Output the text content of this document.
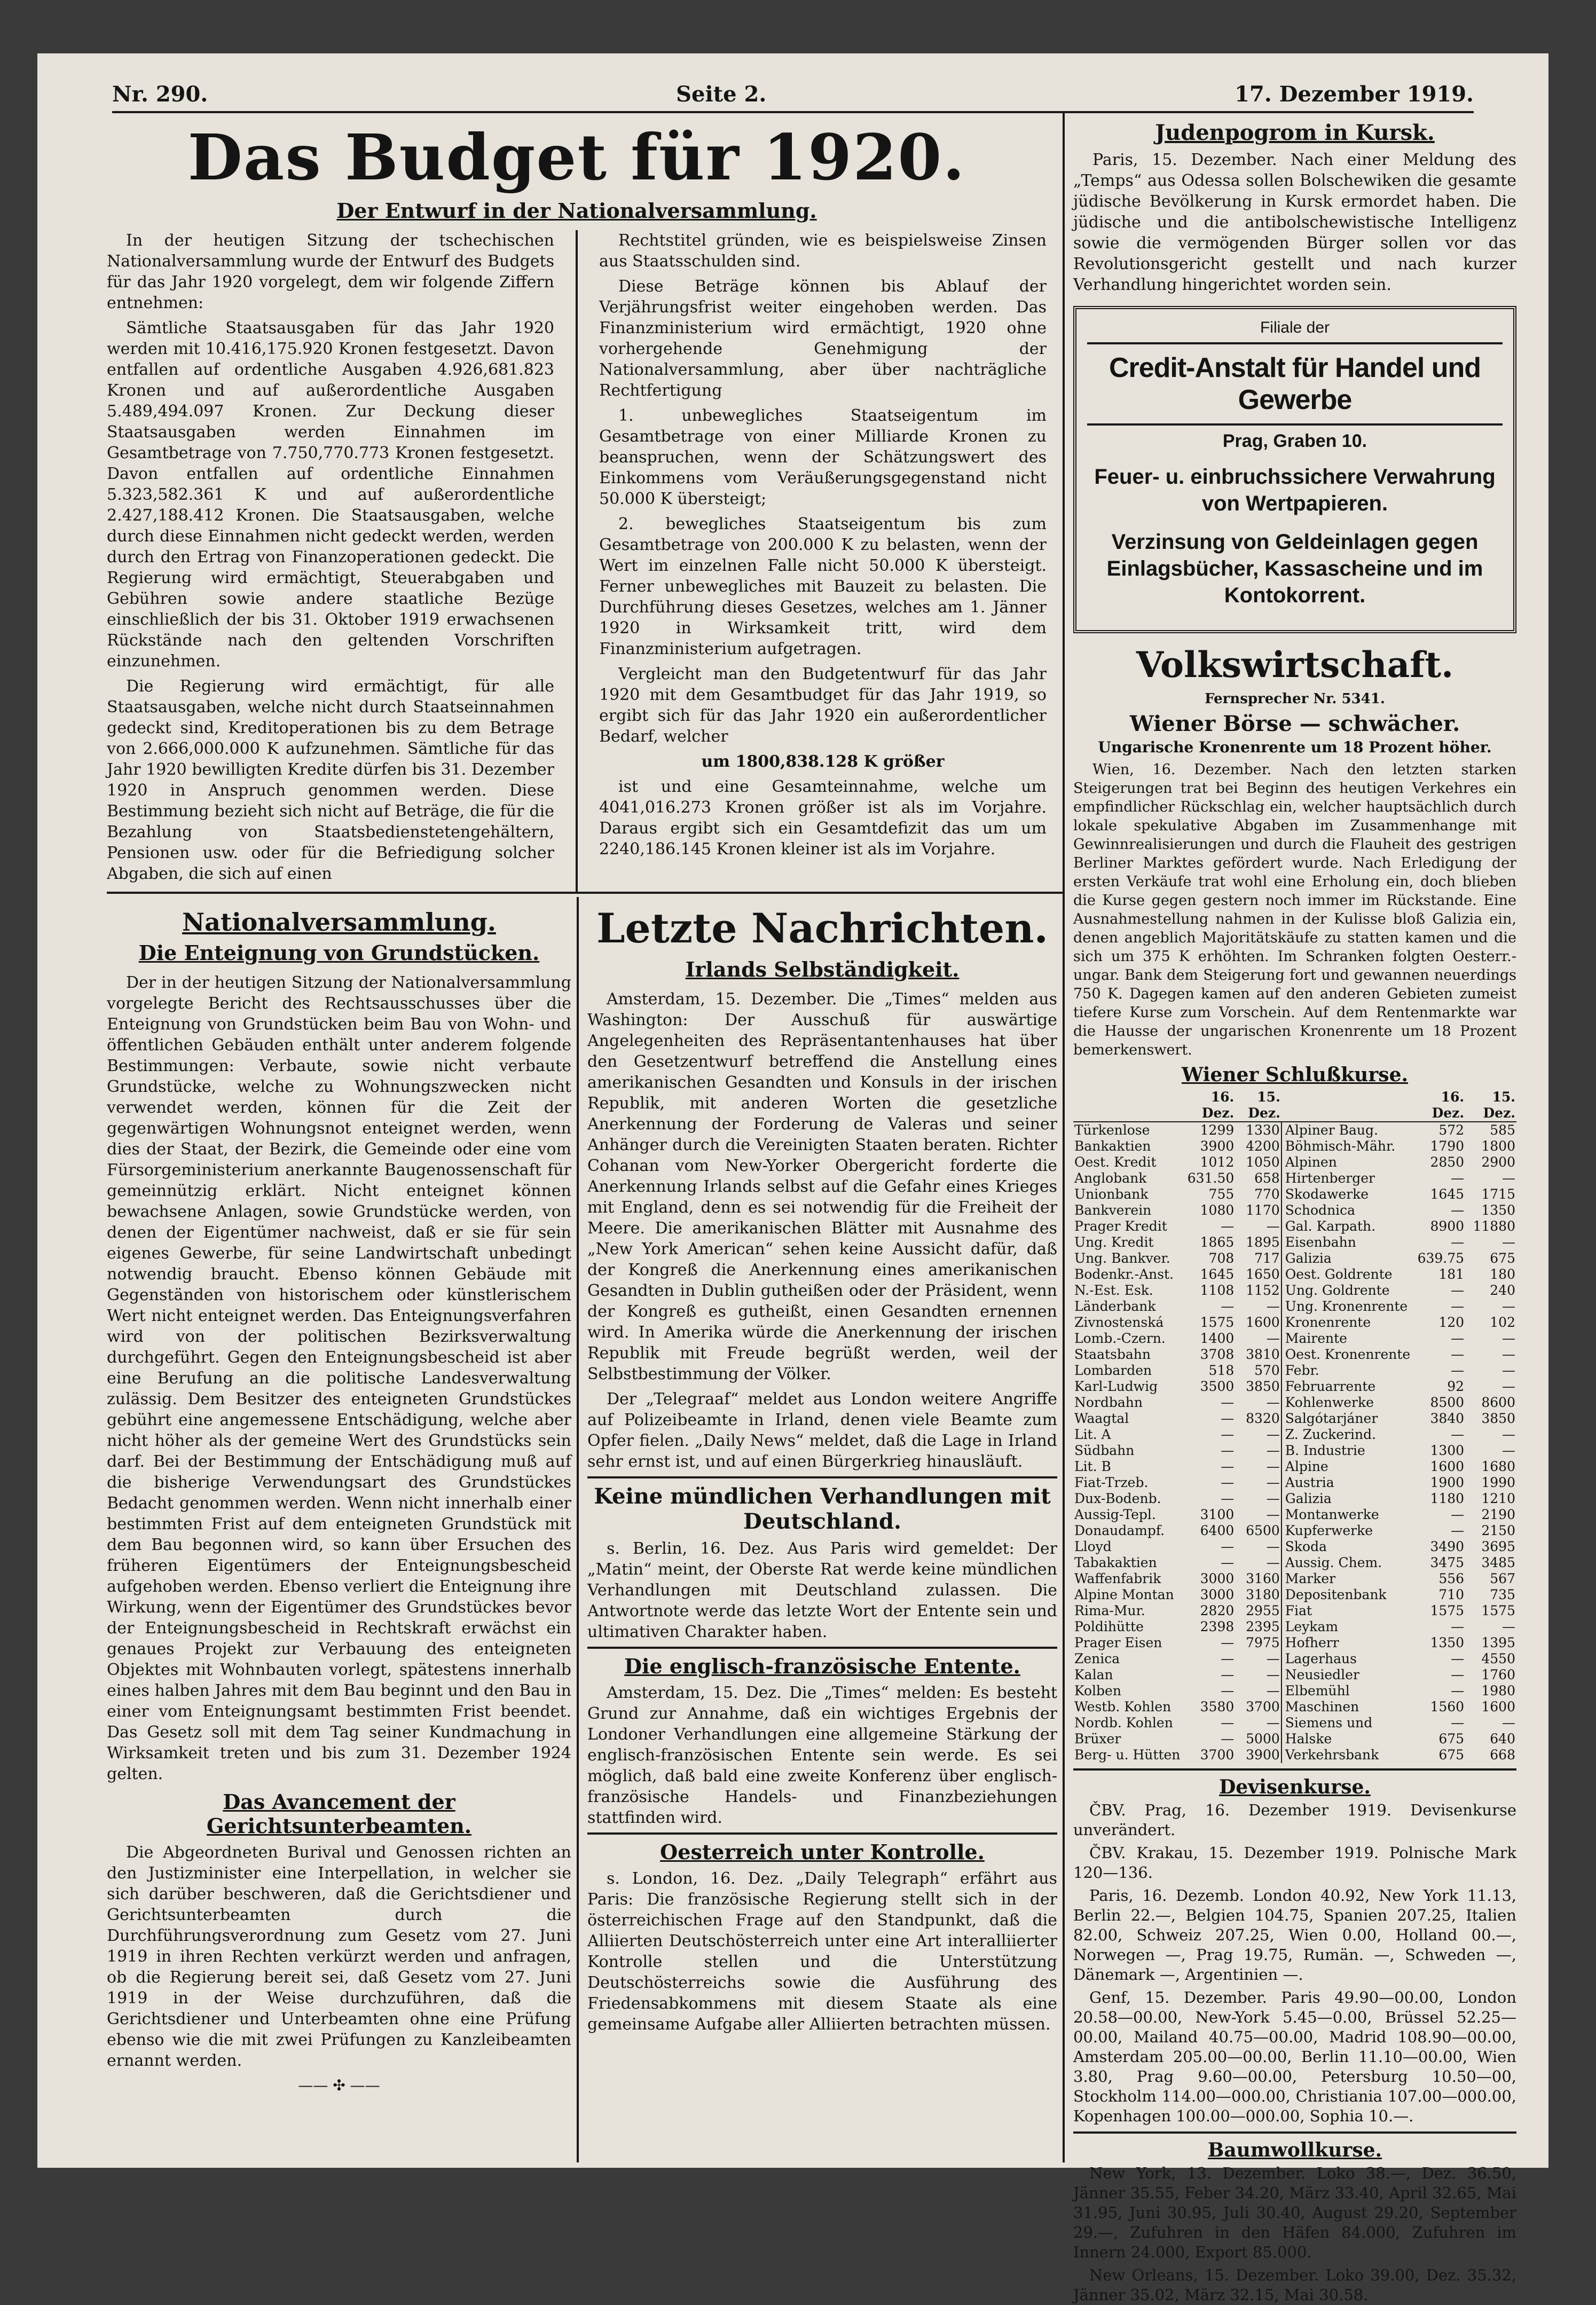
Nr. 290.	Seite 2.	17. Dezember 1919.
Das Budget für 1920.
Der Entwurf in der Nationalversammlung.

In der heutigen Sitzung der tschechischen Nationalversammlung wurde der Entwurf des Budgets für das Jahr 1920 vorgelegt, dem wir folgende Ziffern entnehmen:

Sämtliche Staatsausgaben für das Jahr 1920 werden mit 10.416,175.920 Kronen festgesetzt. Davon entfallen auf ordentliche Ausgaben 4.926,681.823 Kronen und auf außerordentliche Ausgaben 5.489,494.097 Kronen. Zur Deckung dieser Staatsausgaben werden Einnahmen im Gesamtbetrage von 7.750,770.773 Kronen festgesetzt. Davon entfallen auf ordentliche Einnahmen 5.323,582.361 K und auf außerordentliche 2.427,188.412 Kronen. Die Staatsausgaben, welche durch diese Einnahmen nicht gedeckt werden, werden durch den Ertrag von Finanzoperationen gedeckt. Die Regierung wird ermächtigt, Steuerabgaben und Gebühren sowie andere staatliche Bezüge einschließlich der bis 31. Oktober 1919 erwachsenen Rückstände nach den geltenden Vorschriften einzunehmen.

Die Regierung wird ermächtigt, für alle Staatsausgaben, welche nicht durch Staatseinnahmen gedeckt sind, Kreditoperationen bis zu dem Betrage von 2.666,000.000 K aufzunehmen. Sämtliche für das Jahr 1920 bewilligten Kredite dürfen bis 31. Dezember 1920 in Anspruch genommen werden. Diese Bestimmung bezieht sich nicht auf Beträge, die für die Bezahlung von Staatsbedienstetengehältern, Pensionen usw. oder für die Befriedigung solcher Abgaben, die sich auf einen

Rechtstitel gründen, wie es beispielsweise Zinsen aus Staatsschulden sind.

Diese Beträge können bis Ablauf der Verjährungsfrist weiter eingehoben werden. Das Finanzministerium wird ermächtigt, 1920 ohne vorhergehende Genehmigung der Nationalversammlung, aber über nachträgliche Rechtfertigung

1. unbewegliches Staatseigentum im Gesamtbetrage von einer Milliarde Kronen zu beanspruchen, wenn der Schätzungswert des Einkommens vom Veräußerungsgegenstand nicht 50.000 K übersteigt;

2. bewegliches Staatseigentum bis zum Gesamtbetrage von 200.000 K zu belasten, wenn der Wert im einzelnen Falle nicht 50.000 K übersteigt. Ferner unbewegliches mit Bauzeit zu belasten. Die Durchführung dieses Gesetzes, welches am 1. Jänner 1920 in Wirksamkeit tritt, wird dem Finanzministerium aufgetragen.

Vergleicht man den Budgetentwurf für das Jahr 1920 mit dem Gesamtbudget für das Jahr 1919, so ergibt sich für das Jahr 1920 ein außerordentlicher Bedarf, welcher

um 1800,838.128 K größer

ist und eine Gesamteinnahme, welche um 4041,016.273 Kronen größer ist als im Vorjahre. Daraus ergibt sich ein Gesamtdefizit das um um 2240,186.145 Kronen kleiner ist als im Vorjahre.

Nationalversammlung.
Die Enteignung von Grundstücken.

Der in der heutigen Sitzung der Nationalversammlung vorgelegte Bericht des Rechtsausschusses über die Enteignung von Grundstücken beim Bau von Wohn- und öffentlichen Gebäuden enthält unter anderem folgende Bestimmungen: Verbaute, sowie nicht verbaute Grundstücke, welche zu Wohnungszwecken nicht verwendet werden, können für die Zeit der gegenwärtigen Wohnungsnot enteignet werden, wenn dies der Staat, der Bezirk, die Gemeinde oder eine vom Fürsorgeministerium anerkannte Baugenossenschaft für gemeinnützig erklärt. Nicht enteignet können bewachsene Anlagen, sowie Grundstücke werden, von denen der Eigentümer nachweist, daß er sie für sein eigenes Gewerbe, für seine Landwirtschaft unbedingt notwendig braucht. Ebenso können Gebäude mit Gegenständen von historischem oder künstlerischem Wert nicht enteignet werden. Das Enteignungsverfahren wird von der politischen Bezirksverwaltung durchgeführt. Gegen den Enteignungsbescheid ist aber eine Berufung an die politische Landesverwaltung zulässig. Dem Besitzer des enteigneten Grundstückes gebührt eine angemessene Entschädigung, welche aber nicht höher als der gemeine Wert des Grundstücks sein darf. Bei der Bestimmung der Entschädigung muß auf die bisherige Verwendungsart des Grundstückes Bedacht genommen werden. Wenn nicht innerhalb einer bestimmten Frist auf dem enteigneten Grundstück mit dem Bau begonnen wird, so kann über Ersuchen des früheren Eigentümers der Enteignungsbescheid aufgehoben werden. Ebenso verliert die Enteignung ihre Wirkung, wenn der Eigentümer des Grundstückes bevor der Enteignungsbescheid in Rechtskraft erwächst ein genaues Projekt zur Verbauung des enteigneten Objektes mit Wohnbauten vorlegt, spätestens innerhalb eines halben Jahres mit dem Bau beginnt und den Bau in einer vom Enteignungsamt bestimmten Frist beendet. Das Gesetz soll mit dem Tag seiner Kundmachung in Wirksamkeit treten und bis zum 31. Dezember 1924 gelten.

Das Avancement der Gerichtsunterbeamten.

Die Abgeordneten Burival und Genossen richten an den Justizminister eine Interpellation, in welcher sie sich darüber beschweren, daß die Gerichtsdiener und Gerichtsunterbeamten durch die Durchführungsverordnung zum Gesetz vom 27. Juni 1919 in ihren Rechten verkürzt werden und anfragen, ob die Regierung bereit sei, daß Gesetz vom 27. Juni 1919 in der Weise durchzuführen, daß die Gerichtsdiener und Unterbeamten ohne eine Prüfung ebenso wie die mit zwei Prüfungen zu Kanzleibeamten ernannt werden.

—— ✣ ——
Letzte Nachrichten.
Irlands Selbständigkeit.

Amsterdam, 15. Dezember. Die „Times“ melden aus Washington: Der Ausschuß für auswärtige Angelegenheiten des Repräsentantenhauses hat über den Gesetzentwurf betreffend die Anstellung eines amerikanischen Gesandten und Konsuls in der irischen Republik, mit anderen Worten die gesetzliche Anerkennung der Forderung de Valeras und seiner Anhänger durch die Vereinigten Staaten beraten. Richter Cohanan vom New-Yorker Obergericht forderte die Anerkennung Irlands selbst auf die Gefahr eines Krieges mit England, denn es sei notwendig für die Freiheit der Meere. Die amerikanischen Blätter mit Ausnahme des „New York American“ sehen keine Aussicht dafür, daß der Kongreß die Anerkennung eines amerikanischen Gesandten in Dublin gutheißen oder der Präsident, wenn der Kongreß es gutheißt, einen Gesandten ernennen wird. In Amerika würde die Anerkennung der irischen Republik mit Freude begrüßt werden, weil der Selbstbestimmung der Völker.

Der „Telegraaf“ meldet aus London weitere Angriffe auf Polizeibeamte in Irland, denen viele Beamte zum Opfer fielen. „Daily News“ meldet, daß die Lage in Irland sehr ernst ist, und auf einen Bürgerkrieg hinausläuft.

Keine mündlichen Verhandlungen mit Deutschland.

s. Berlin, 16. Dez. Aus Paris wird gemeldet: Der „Matin“ meint, der Oberste Rat werde keine mündlichen Verhandlungen mit Deutschland zulassen. Die Antwortnote werde das letzte Wort der Entente sein und ultimativen Charakter haben.

Die englisch-französische Entente.

Amsterdam, 15. Dez. Die „Times“ melden: Es besteht Grund zur Annahme, daß ein wichtiges Ergebnis der Londoner Verhandlungen eine allgemeine Stärkung der englisch-französischen Entente sein werde. Es sei möglich, daß bald eine zweite Konferenz über englisch-französische Handels- und Finanzbeziehungen stattfinden wird.

Oesterreich unter Kontrolle.

s. London, 16. Dez. „Daily Telegraph“ erfährt aus Paris: Die französische Regierung stellt sich in der österreichischen Frage auf den Standpunkt, daß die Alliierten Deutschösterreich unter eine Art interalliierter Kontrolle stellen und die Unterstützung Deutschösterreichs sowie die Ausführung des Friedensabkommens mit diesem Staate als eine gemeinsame Aufgabe aller Alliierten betrachten müssen.

Judenpogrom in Kursk.

Paris, 15. Dezember. Nach einer Meldung des „Temps“ aus Odessa sollen Bolschewiken die gesamte jüdische Bevölkerung in Kursk ermordet haben. Die jüdische und die antibolschewistische Intelligenz sowie die vermögenden Bürger sollen vor das Revolutionsgericht gestellt und nach kurzer Verhandlung hingerichtet worden sein.

Filiale der
Credit-Anstalt für Handel und Gewerbe
Prag, Graben 10.
Feuer- u. einbruchssichere Verwahrung von Wertpapieren.
Verzinsung von Geldeinlagen gegen Einlagsbücher, Kassascheine und im Kontokorrent.
Volkswirtschaft.
Fernsprecher Nr. 5341.
Wiener Börse — schwächer.
Ungarische Kronenrente um 18 Prozent höher.

Wien, 16. Dezember. Nach den letzten starken Steigerungen trat bei Beginn des heutigen Verkehres ein empfindlicher Rückschlag ein, welcher hauptsächlich durch lokale spekulative Abgaben im Zusammenhange mit Gewinnrealisierungen und durch die Flauheit des gestrigen Berliner Marktes gefördert wurde. Nach Erledigung der ersten Verkäufe trat wohl eine Erholung ein, doch blieben die Kurse gegen gestern noch immer im Rückstande. Eine Ausnahmestellung nahmen in der Kulisse bloß Galizia ein, denen angeblich Majoritätskäufe zu statten kamen und die sich um 375 K erhöhten. Im Schranken folgten Oesterr.-ungar. Bank dem Steigerung fort und gewannen neuerdings 750 K. Dagegen kamen auf den anderen Gebieten zumeist tiefere Kurse zum Vorschein. Auf dem Rentenmarkte war die Hausse der ungarischen Kronenrente um 18 Prozent bemerkenswert.

Wiener Schlußkurse.
	16. Dez.	15. Dez.			16. Dez.	15. Dez.
Türkenlose	1299	1330		Alpiner Baug.	572	585
Bankaktien	3900	4200		Böhmisch-Mähr.	1790	1800
Oest. Kredit	1012	1050		Alpinen	2850	2900
Anglobank	631.50	658		Hirtenberger	—	—
Unionbank	755	770		Skodawerke	1645	1715
Bankverein	1080	1170		Schodnica	—	1350
Prager Kredit	—	—		Gal. Karpath.	8900	11880
Ung. Kredit	1865	1895		Eisenbahn	—	—
Ung. Bankver.	708	717		Galizia	639.75	675
Bodenkr.-Anst.	1645	1650		Oest. Goldrente	181	180
N.-Est. Esk.	1108	1152		Ung. Goldrente	—	240
Länderbank	—	—		Ung. Kronenrente	—	—
Zivnostenská	1575	1600		Kronenrente	120	102
Lomb.-Czern.	1400	—		Mairente	—	—
Staatsbahn	3708	3810		Oest. Kronenrente	—	—
Lombarden	518	570		Febr.	—	—
Karl-Ludwig	3500	3850		Februarrente	92	—
Nordbahn	—	—		Kohlenwerke	8500	8600
Waagtal	—	8320		Salgótarjáner	3840	3850
Lit. A	—	—		Z. Zuckerind.	—	—
Südbahn	—	—		B. Industrie	1300	—
Lit. B	—	—		Alpine	1600	1680
Fiat-Trzeb.	—	—		Austria	1900	1990
Dux-Bodenb.	—	—		Galizia	1180	1210
Aussig-Tepl.	3100	—		Montanwerke	—	2190
Donaudampf.	6400	6500		Kupferwerke	—	2150
Lloyd	—	—		Skoda	3490	3695
Tabakaktien	—	—		Aussig. Chem.	3475	3485
Waffenfabrik	3000	3160		Marker	556	567
Alpine Montan	3000	3180		Depositenbank	710	735
Rima-Mur.	2820	2955		Fiat	1575	1575
Poldihütte	2398	2395		Leykam	—	—
Prager Eisen	—	7975		Hofherr	1350	1395
Zenica	—	—		Lagerhaus	—	4550
Kalan	—	—		Neusiedler	—	1760
Kolben	—	—		Elbemühl	—	1980
Westb. Kohlen	3580	3700		Maschinen	1560	1600
Nordb. Kohlen	—	—		Siemens und	—	—
Brüxer	—	5000		Halske	675	640
Berg- u. Hütten	3700	3900		Verkehrsbank	675	668
Devisenkurse.

ČBV. Prag, 16. Dezember 1919. Devisenkurse unverändert.

ČBV. Krakau, 15. Dezember 1919. Polnische Mark 120—136.

Paris, 16. Dezemb. London 40.92, New York 11.13, Berlin 22.—, Belgien 104.75, Spanien 207.25, Italien 82.00, Schweiz 207.25, Wien 0.00, Holland 00.—, Norwegen —, Prag 19.75, Rumän. —, Schweden —, Dänemark —, Argentinien —.

Genf, 15. Dezember. Paris 49.90—00.00, London 20.58—00.00, New-York 5.45—0.00, Brüssel 52.25—00.00, Mailand 40.75—00.00, Madrid 108.90—00.00, Amsterdam 205.00—00.00, Berlin 11.10—00.00, Wien 3.80, Prag 9.60—00.00, Petersburg 10.50—00, Stockholm 114.00—000.00, Christiania 107.00—000.00, Kopenhagen 100.00—000.00, Sophia 10.—.

Baumwollkurse.

New York, 13. Dezember. Loko 38.—, Dez. 36.50, Jänner 35.55, Feber 34.20, März 33.40, April 32.65, Mai 31.95, Juni 30.95, Juli 30.40, August 29.20, September 29.—, Zufuhren in den Häfen 84.000, Zufuhren im Innern 24.000, Export 85.000.

New Orleans, 15. Dezember. Loko 39.00, Dez. 35.32, Jänner 35.02, März 32.15, Mai 30.58.
